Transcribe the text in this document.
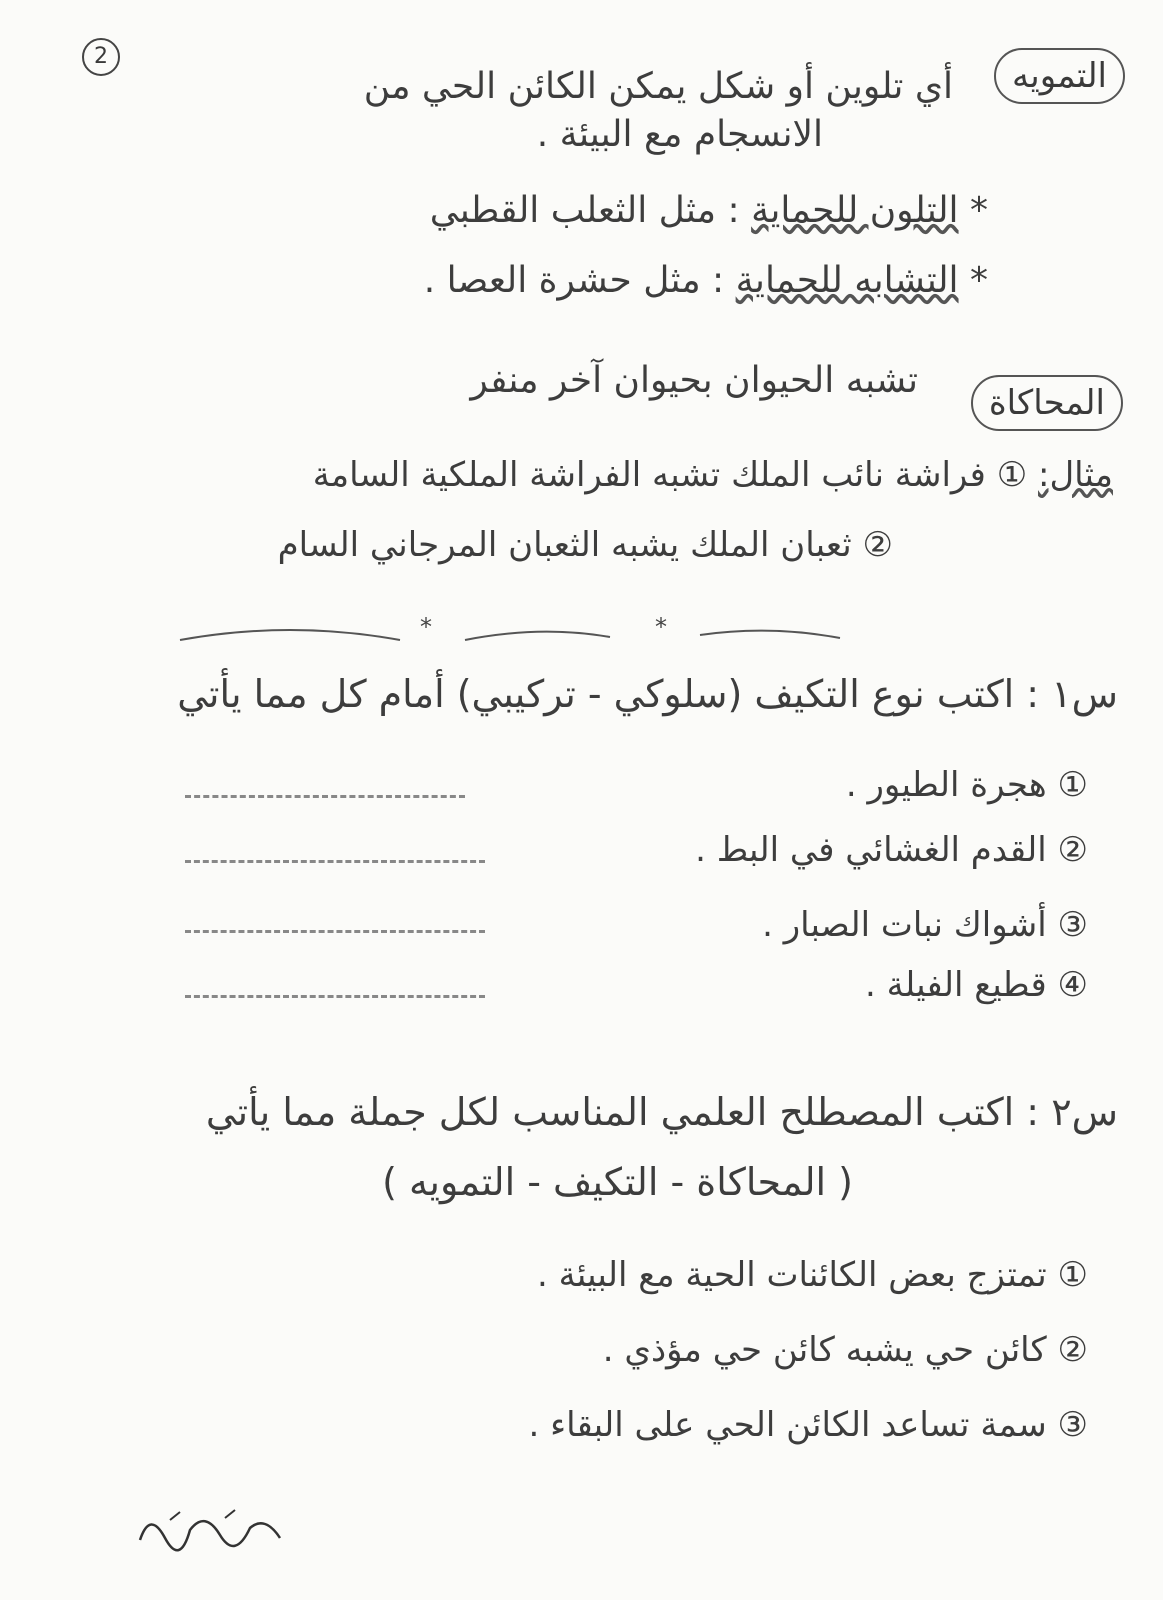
2	التمويه
أي تلوين أو شكل يمكن الكائن الحي من
الانسجام مع البيئة .
* التلون للحماية : مثل الثعلب القطبي
* التشابه للحماية : مثل حشرة العصا .
المحاكاة
تشبه الحيوان بحيوان آخر منفر
مثال: ① فراشة نائب الملك تشبه الفراشة الملكية السامة
② ثعبان الملك يشبه الثعبان المرجاني السام
*	*
س١ : اكتب نوع التكيف (سلوكي - تركيبي) أمام كل مما يأتي
① هجرة الطيور .
② القدم الغشائي في البط .
③ أشواك نبات الصبار .
④ قطيع الفيلة .
س٢ : اكتب المصطلح العلمي المناسب لكل جملة مما يأتي
( المحاكاة - التكيف - التمويه )
① تمتزج بعض الكائنات الحية مع البيئة .
② كائن حي يشبه كائن حي مؤذي .
③ سمة تساعد الكائن الحي على البقاء .
